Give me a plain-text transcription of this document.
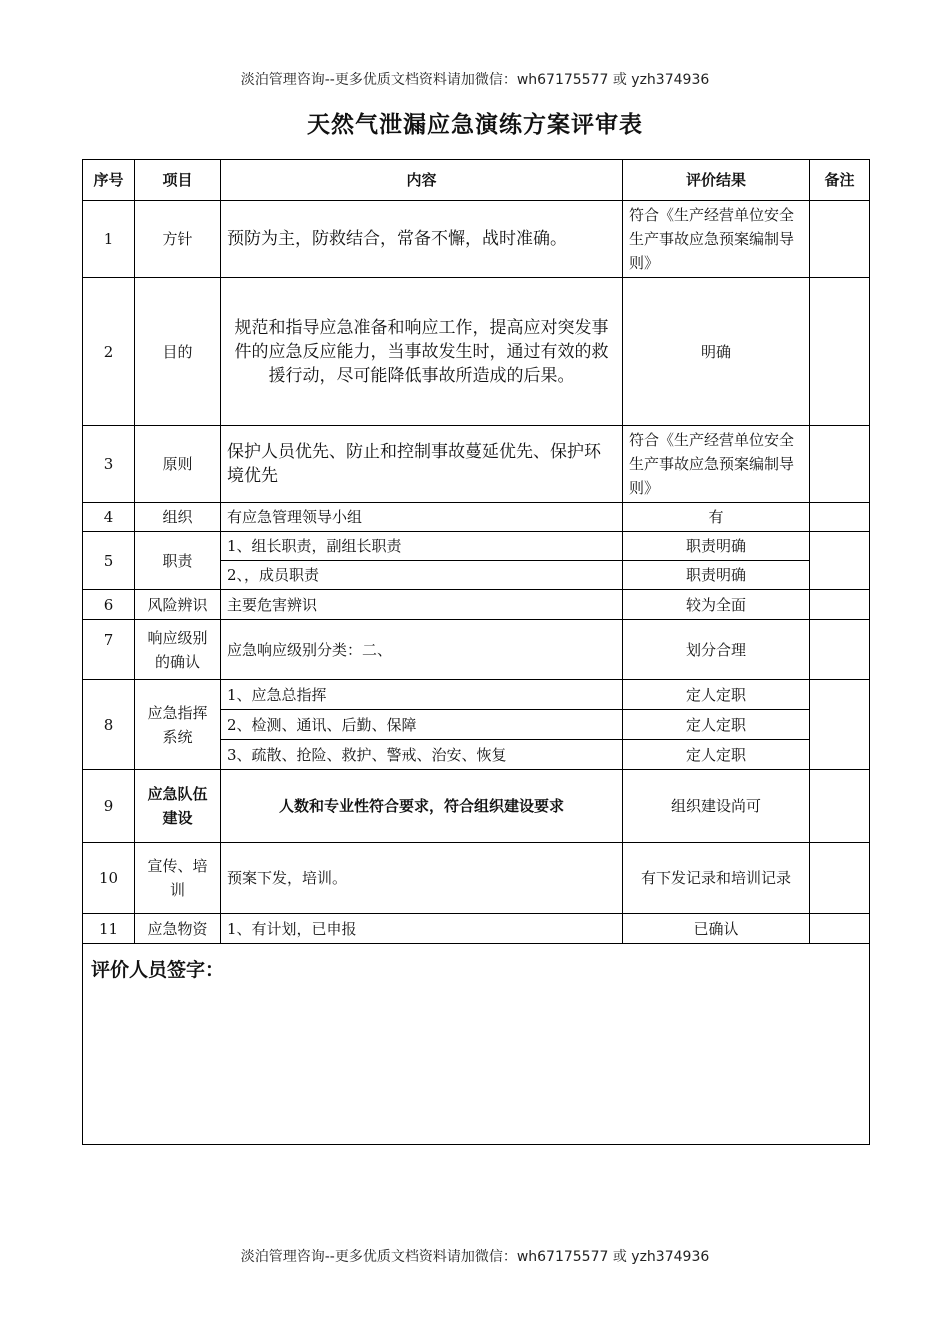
淡泊管理咨询--更多优质文档资料请加微信：wh67175577 或 yzh374936
天然气泄漏应急演练方案评审表
序号	项目	内容	评价结果	备注
1	方针	预防为主，防救结合，常备不懈，战时准确。	符合《生产经营单位安全生产事故应急预案编制导则》	
2	目的	规范和指导应急准备和响应工作，提高应对突发事件的应急反应能力，当事故发生时，通过有效的救援行动，尽可能降低事故所造成的后果。	明确	
3	原则	保护人员优先、防止和控制事故蔓延优先、保护环境优先	符合《生产经营单位安全生产事故应急预案编制导则》	
4	组织	有应急管理领导小组	有	
5	职责	1、组长职责，副组长职责	职责明确	
		2、，成员职责	职责明确	
6	风险辨识	主要危害辨识	较为全面	
7	响应级别的确认	应急响应级别分类：二、	划分合理	
8	应急指挥系统	1、应急总指挥	定人定职	
		2、检测、通讯、后勤、保障	定人定职	
		3、疏散、抢险、救护、警戒、治安、恢复	定人定职	
9	应急队伍建设	人数和专业性符合要求，符合组织建设要求	组织建设尚可	
10	宣传、培训	预案下发，培训。	有下发记录和培训记录	
11	应急物资	1、有计划，已申报	已确认	
评价人员签字：				
淡泊管理咨询--更多优质文档资料请加微信：wh67175577 或 yzh374936
